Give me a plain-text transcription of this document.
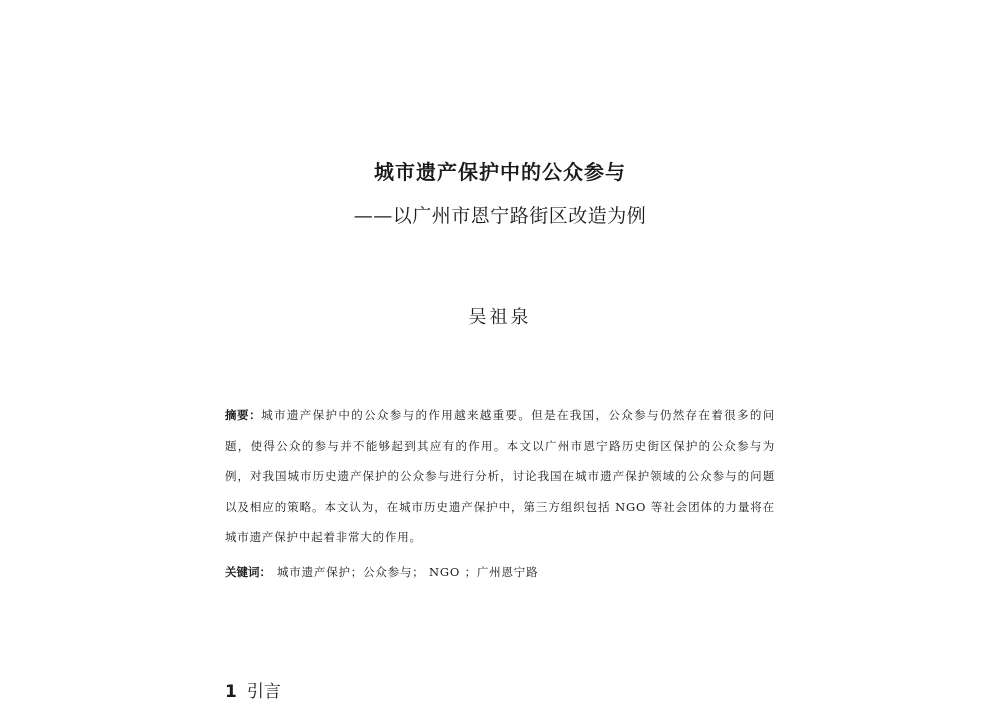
城市遗产保护中的公众参与
——以广州市恩宁路街区改造为例
吴祖泉
摘要：城市遗产保护中的公众参与的作用越来越重要。但是在我国，公众参与仍然存在着很多的问题，使得公众的参与并不能够起到其应有的作用。本文以广州市恩宁路历史街区保护的公众参与为例，对我国城市历史遗产保护的公众参与进行分析，讨论我国在城市遗产保护领域的公众参与的问题以及相应的策略。本文认为，在城市历史遗产保护中，第三方组织包括 NGO 等社会团体的力量将在城市遗产保护中起着非常大的作用。
关键词： 城市遗产保护；公众参与； NGO ；广州恩宁路
1 引言
